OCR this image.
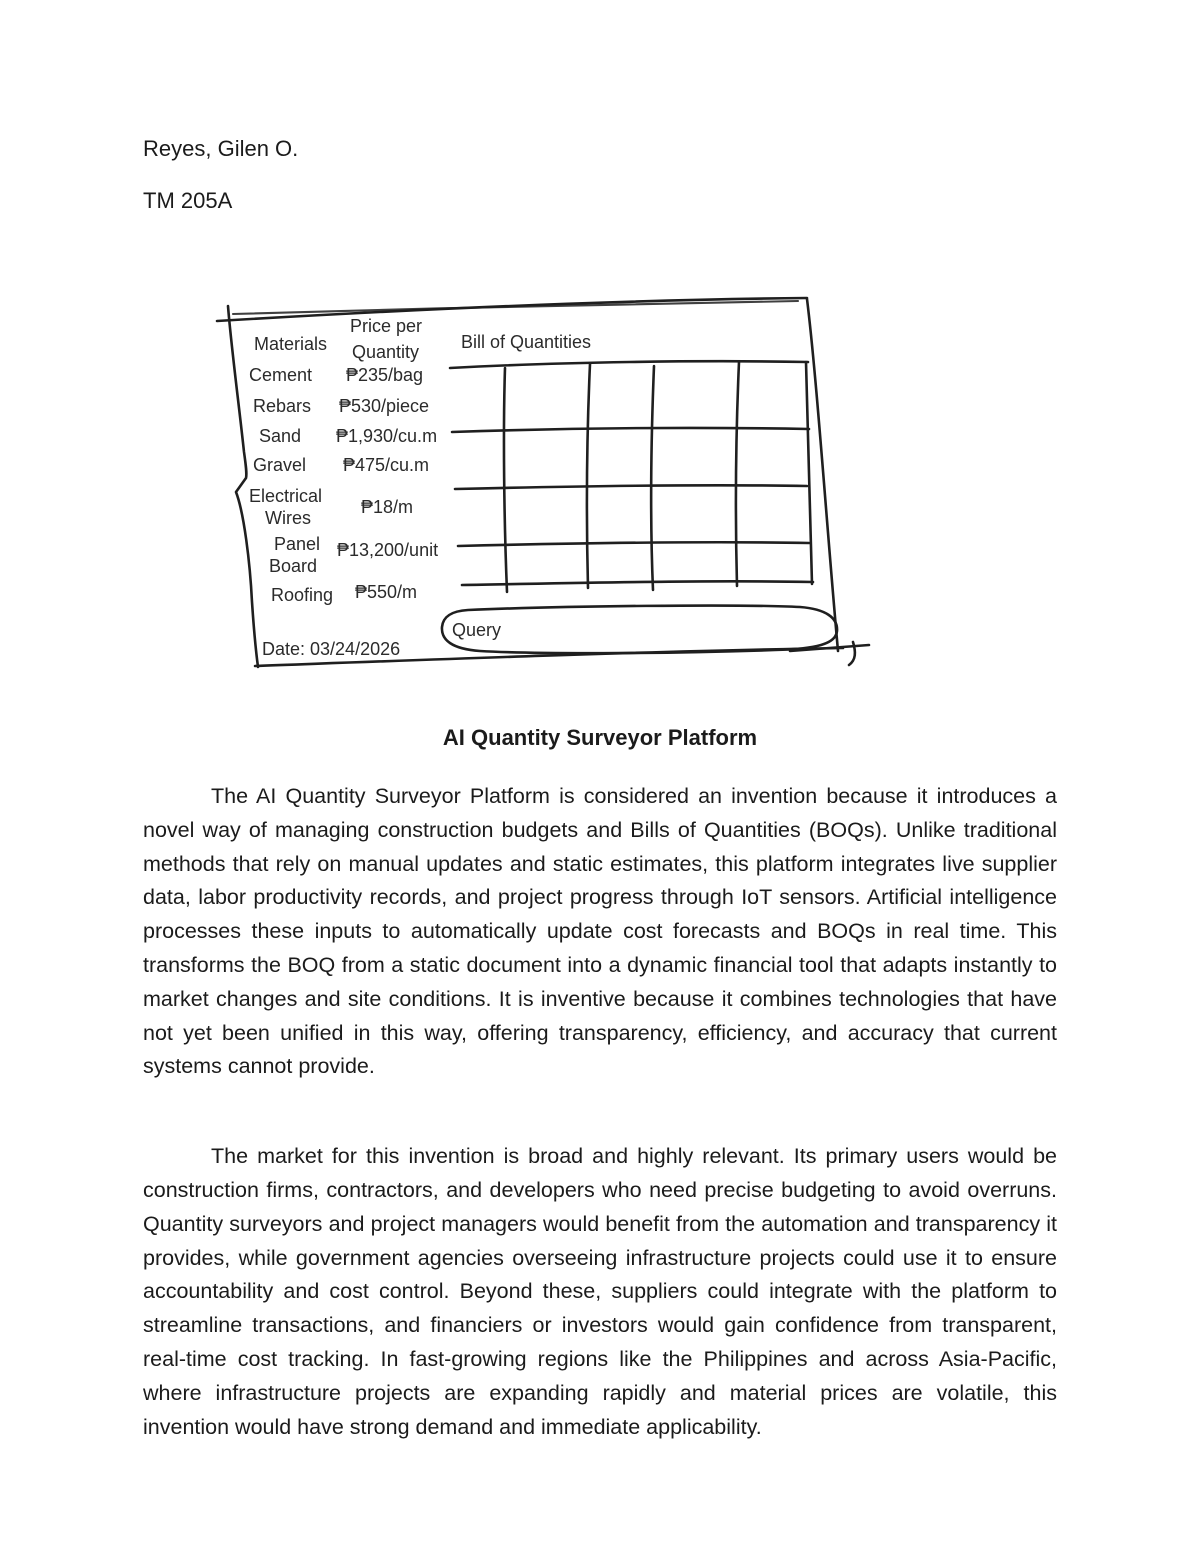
Reyes, Gilen O.

TM 205A

Materials
Price per
Quantity
Cement ₱235/bag
Rebars ₱530/piece
Sand ₱1,930/cu.m
Gravel ₱475/cu.m
Electrical
Wires
₱18/m
Panel
Board
₱13,200/unit
Roofing ₱550/m
Date: 03/24/2026
Bill of Quantities
Query
AI Quantity Surveyor Platform

The AI Quantity Surveyor Platform is considered an invention because it introduces a novel way of managing construction budgets and Bills of Quantities (BOQs). Unlike traditional methods that rely on manual updates and static estimates, this platform integrates live supplier data, labor productivity records, and project progress through IoT sensors. Artificial intelligence processes these inputs to automatically update cost forecasts and BOQs in real time. This transforms the BOQ from a static document into a dynamic financial tool that adapts instantly to market changes and site conditions. It is inventive because it combines technologies that have not yet been unified in this way, offering transparency, efficiency, and accuracy that current systems cannot provide.

The market for this invention is broad and highly relevant. Its primary users would be construction firms, contractors, and developers who need precise budgeting to avoid overruns. Quantity surveyors and project managers would benefit from the automation and transparency it provides, while government agencies overseeing infrastructure projects could use it to ensure accountability and cost control. Beyond these, suppliers could integrate with the platform to streamline transactions, and financiers or investors would gain confidence from transparent, real-time cost tracking. In fast-growing regions like the Philippines and across Asia-Pacific, where infrastructure projects are expanding rapidly and material prices are volatile, this invention would have strong demand and immediate applicability.
